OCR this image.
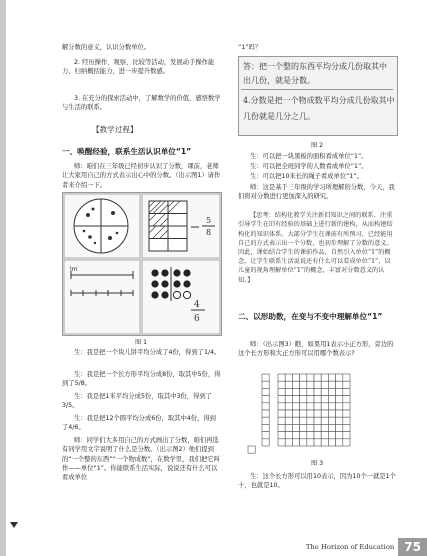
解分数的意义，认识分数单位。

2. 经历操作、观察、比较等活动，发展动手操作能力、归纳概括能力，进一步提升数感。

3. 在充分的探索活动中，了解数学的价值，感悟数学与生活的联系。

【教学过程】
一、唤醒经验，联系生活认识单位“1”

师：咱们在三年级已经初步认识了分数，课前，老师让大家用自己的方式表示出心中的分数。（出示图1）请作者来介绍一下。

5
8
lm
4
6
图 1

生：我是把一个块儿饼平均分成了4份，得到了1/4。

生：我是把一个长方形平均分成8份，取其中5份，得到了5/8。

生：我是把1米平均分成5份，取其中3份，得到了3/5。

生：我是把12个圆平均分成6份，取其中4份，得到了4/6。

师：同学们大多用自己的方式画出了分数，咱们再选有同学用文字说明了什么是分数。（出示图2）他们提到的“一个整的东西”“一个物成数”，在数学里，我们把它叫作——单位“1”。你能联系生活实际，说说还有什么可以看成单位

“1”吗？

答：把一个整的东西平均分成几份取其中
出几份，就是分数。
4.分数是把一个物成数平均分成几份取其中
几份就是几分之几。
图 2

生：可以把一块黑板的面积看成单位“1”。

生：可以把全班同学的人数看成单位“1”。

生：可以把10米长的绳子看成单位“1”。

师：这是基于三年级的学习所理解的分数，今天，我们将对分数进行更加深入的研究。

【思考：结构化教学关注新旧知识之间的联系，注重引导学生在旧有经验的基础上进行新的建构，从而构建结构化的知识体系。大部分学生在课前有所预习，已经能用自己的方式表示出一个分数，也初步理解了分数的意义。因此，课始结合学生的课前作品，自然引入单位“1”的概念，让学生联系生活说说还有什么可以看成单位“1”，以儿童的视角理解单位“1”的概念，丰富对分数意义的认知。】

二、以形助数，在变与不变中理解单位“1”

师：（出示图3）瞧，如果用1表示小正方形，旁边的这个长方形和大正方形可以用哪个数表示?

图 3

生：这个长方形可以用10表示，因为10个一就是1个十，也就是10。

The Horizon of Education 75
